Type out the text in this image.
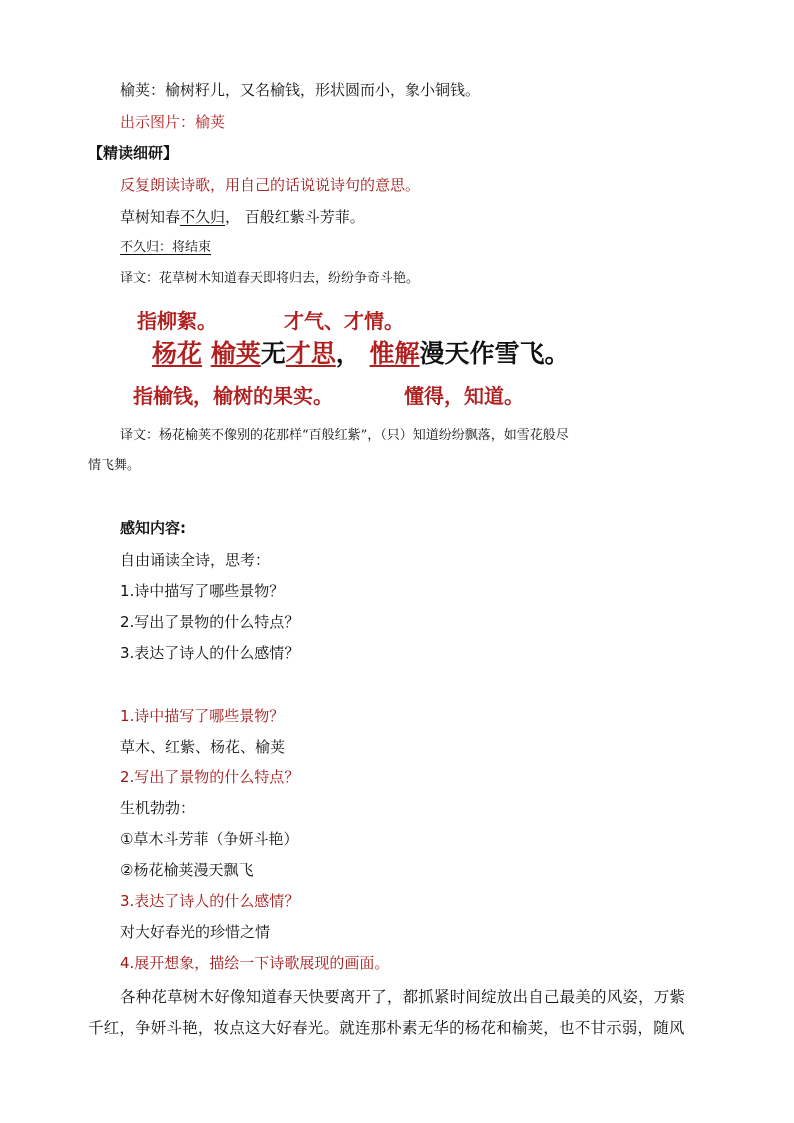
榆荚：榆树籽儿，又名榆钱，形状圆而小，象小铜钱。
出示图片：榆荚
【精读细研】
反复朗读诗歌，用自己的话说说诗句的意思。
草树知春不久归， 百般红紫斗芳菲。
不久归：将结束
译文：花草树木知道春天即将归去，纷纷争奇斗艳。
指柳絮。	才气、才情。
杨花 榆荚无才思， 惟解漫天作雪飞。
指榆钱，榆树的果实。	懂得，知道。
译文：杨花榆荚不像别的花那样“百般红紫”，（只）知道纷纷飘落，如雪花般尽
情飞舞。
感知内容:
自由诵读全诗，思考：
1.诗中描写了哪些景物？
2.写出了景物的什么特点？
3.表达了诗人的什么感情？
1.诗中描写了哪些景物？
草木、红紫、杨花、榆荚
2.写出了景物的什么特点？
生机勃勃：
①草木斗芳菲（争妍斗艳）
②杨花榆荚漫天飘飞
3.表达了诗人的什么感情？
对大好春光的珍惜之情
4.展开想象，描绘一下诗歌展现的画面。
各种花草树木好像知道春天快要离开了，都抓紧时间绽放出自己最美的风姿，万紫
千红，争妍斗艳，妆点这大好春光。就连那朴素无华的杨花和榆荚，也不甘示弱，随风
